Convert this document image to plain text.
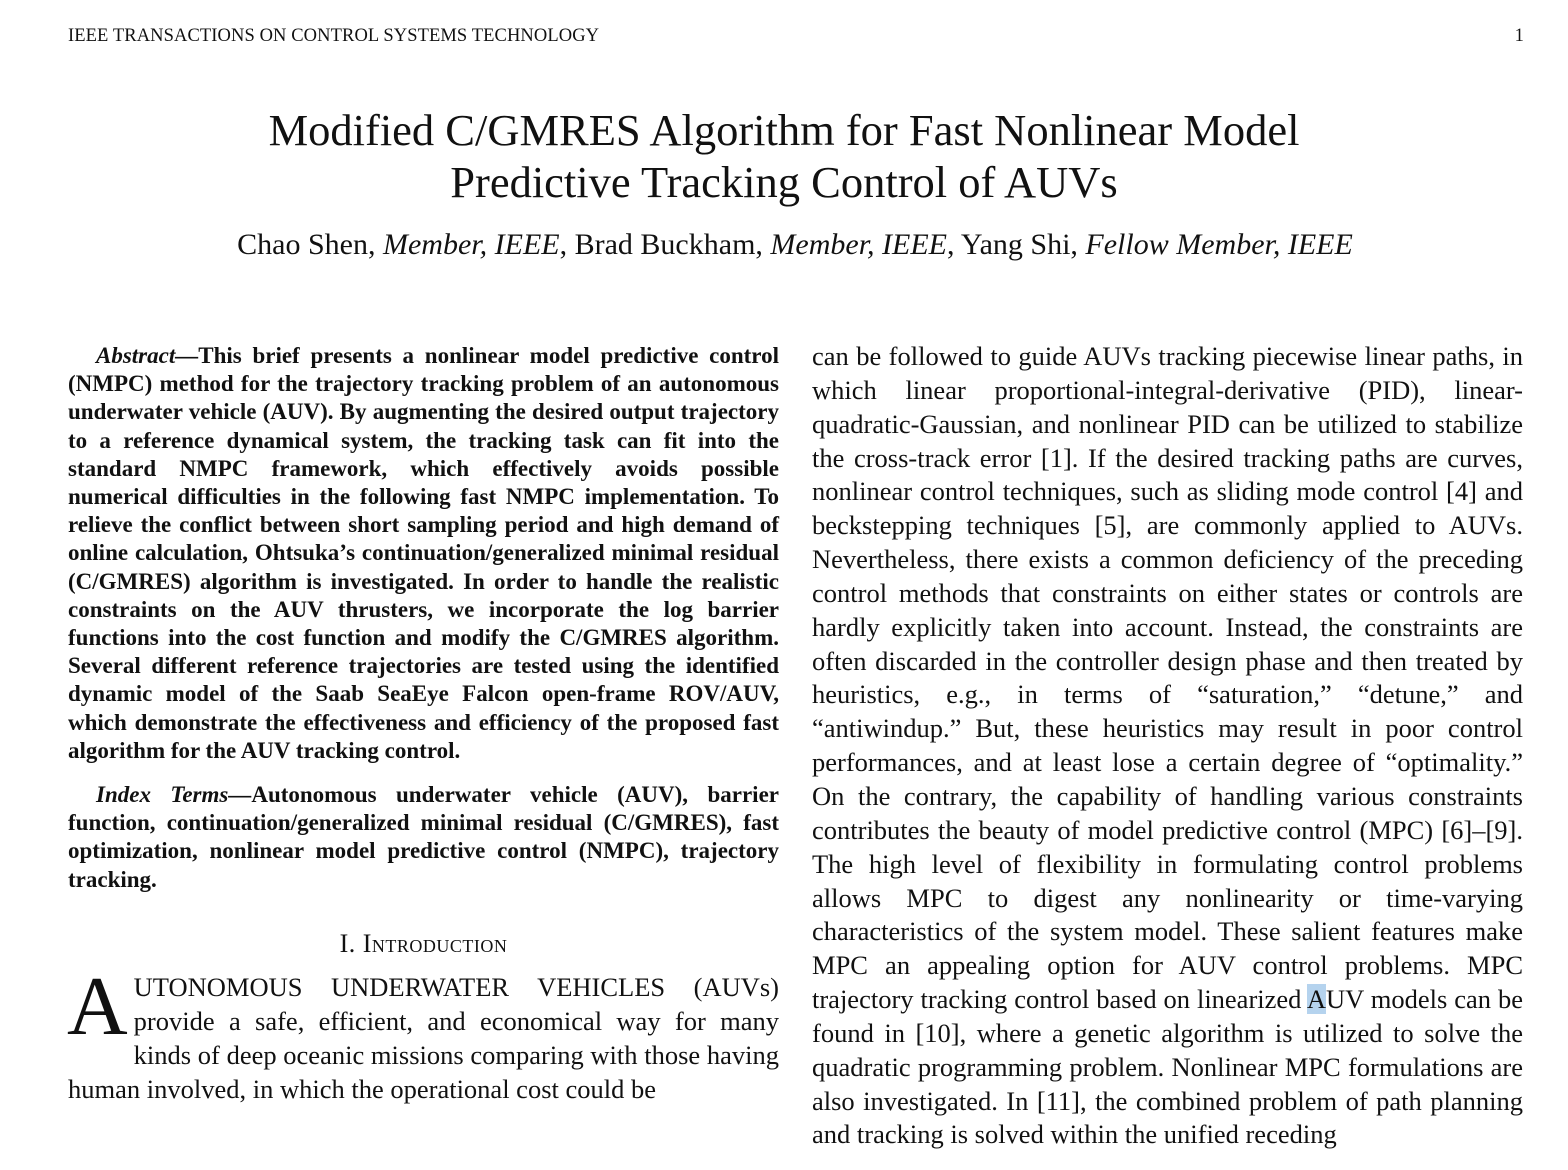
IEEE TRANSACTIONS ON CONTROL SYSTEMS TECHNOLOGY	1
Modified C/GMRES Algorithm for Fast Nonlinear Model
Predictive Tracking Control of AUVs
Chao Shen, Member, IEEE, Brad Buckham, Member, IEEE, Yang Shi, Fellow Member, IEEE

Abstract—This brief presents a nonlinear model predictive control (NMPC) method for the trajectory tracking problem of an autonomous underwater vehicle (AUV). By augmenting the desired output trajectory to a reference dynamical system, the tracking task can fit into the standard NMPC framework, which effectively avoids possible numerical difficulties in the following fast NMPC implementation. To relieve the conflict between short sampling period and high demand of online calculation, Ohtsuka’s continuation/generalized minimal residual (C/GMRES) algorithm is investigated. In order to handle the realistic constraints on the AUV thrusters, we incorporate the log barrier functions into the cost function and modify the C/GMRES algorithm. Several different reference trajectories are tested using the identified dynamic model of the Saab SeaEye Falcon open-frame ROV/AUV, which demonstrate the effectiveness and efficiency of the proposed fast algorithm for the AUV tracking control.

Index Terms—Autonomous underwater vehicle (AUV), barrier function, continuation/generalized minimal residual (C/GMRES), fast optimization, nonlinear model predictive control (NMPC), trajectory tracking.

I. Introduction

AUTONOMOUS UNDERWATER VEHICLES (AUVs) provide a safe, efficient, and economical way for many kinds of deep oceanic missions comparing with those having human involved, in which the operational cost could be

can be followed to guide AUVs tracking piecewise linear paths, in which linear proportional-integral-derivative (PID), linear-quadratic-Gaussian, and nonlinear PID can be utilized to stabilize the cross-track error [1]. If the desired tracking paths are curves, nonlinear control techniques, such as sliding mode control [4] and beckstepping techniques [5], are commonly applied to AUVs. Nevertheless, there exists a common deficiency of the preceding control methods that constraints on either states or controls are hardly explicitly taken into account. Instead, the constraints are often discarded in the controller design phase and then treated by heuristics, e.g., in terms of “saturation,” “detune,” and “antiwindup.” But, these heuristics may result in poor control performances, and at least lose a certain degree of “optimality.” On the contrary, the capability of handling various constraints contributes the beauty of model predictive control (MPC) [6]–[9]. The high level of flexibility in formulating control problems allows MPC to digest any nonlinearity or time-varying characteristics of the system model. These salient features make MPC an appealing option for AUV control problems. MPC trajectory tracking control based on linearized AUV models can be found in [10], where a genetic algorithm is utilized to solve the quadratic programming problem. Nonlinear MPC formulations are also investigated. In [11], the combined problem of path planning and tracking is solved within the unified receding
